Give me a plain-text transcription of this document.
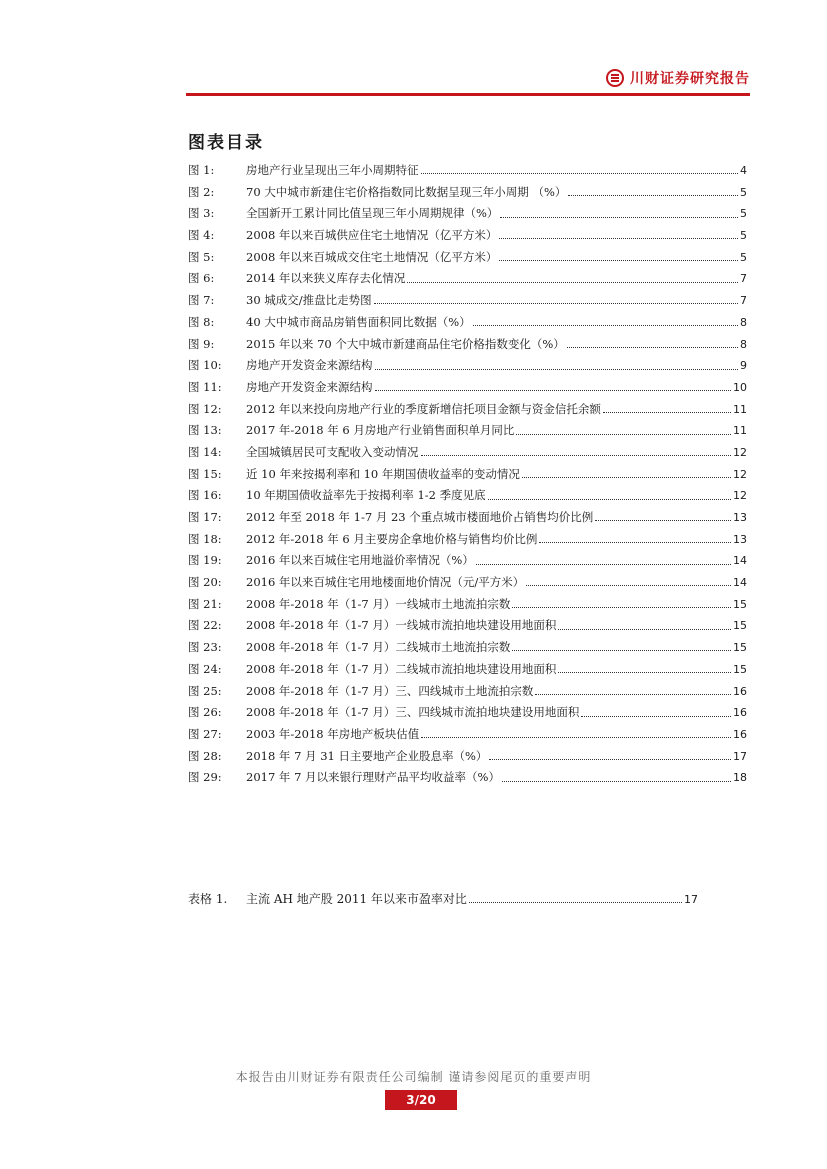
川财证券研究报告
图表目录
图 1:	房地产行业呈现出三年小周期特征	4
图 2:	70 大中城市新建住宅价格指数同比数据呈现三年小周期 （%）	5
图 3:	全国新开工累计同比值呈现三年小周期规律（%）	5
图 4:	2008 年以来百城供应住宅土地情况（亿平方米）	5
图 5:	2008 年以来百城成交住宅土地情况（亿平方米）	5
图 6:	2014 年以来狭义库存去化情况	7
图 7:	30 城成交/推盘比走势图	7
图 8:	40 大中城市商品房销售面积同比数据（%）	8
图 9:	2015 年以来 70 个大中城市新建商品住宅价格指数变化（%）	8
图 10:	房地产开发资金来源结构	9
图 11:	房地产开发资金来源结构	10
图 12:	2012 年以来投向房地产行业的季度新增信托项目金额与资金信托余额	11
图 13:	2017 年-2018 年 6 月房地产行业销售面积单月同比	11
图 14:	全国城镇居民可支配收入变动情况	12
图 15:	近 10 年来按揭利率和 10 年期国债收益率的变动情况	12
图 16:	10 年期国债收益率先于按揭利率 1-2 季度见底	12
图 17:	2012 年至 2018 年 1-7 月 23 个重点城市楼面地价占销售均价比例	13
图 18:	2012 年-2018 年 6 月主要房企拿地价格与销售均价比例	13
图 19:	2016 年以来百城住宅用地溢价率情况（%）	14
图 20:	2016 年以来百城住宅用地楼面地价情况（元/平方米）	14
图 21:	2008 年-2018 年（1-7 月）一线城市土地流拍宗数	15
图 22:	2008 年-2018 年（1-7 月）一线城市流拍地块建设用地面积	15
图 23:	2008 年-2018 年（1-7 月）二线城市土地流拍宗数	15
图 24:	2008 年-2018 年（1-7 月）二线城市流拍地块建设用地面积	15
图 25:	2008 年-2018 年（1-7 月）三、四线城市土地流拍宗数	16
图 26:	2008 年-2018 年（1-7 月）三、四线城市流拍地块建设用地面积	16
图 27:	2003 年-2018 年房地产板块估值	16
图 28:	2018 年 7 月 31 日主要地产企业股息率（%）	17
图 29:	2017 年 7 月以来银行理财产品平均收益率（%）	18
表格 1.	主流 AH 地产股 2011 年以来市盈率对比	17
本报告由川财证券有限责任公司编制 谨请参阅尾页的重要声明
3/20
